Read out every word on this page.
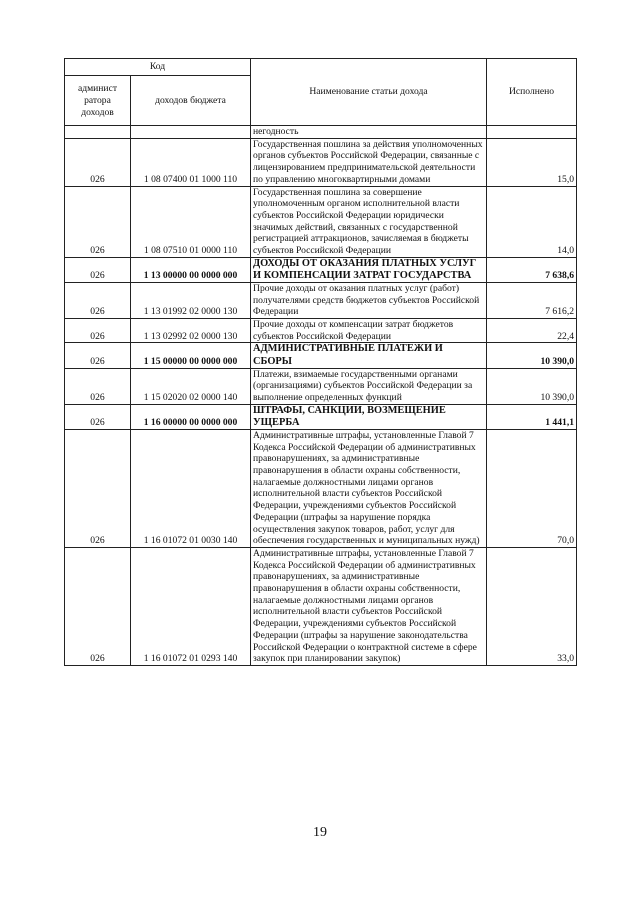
Код		Наименование статьи дохода	Исполнено
админист ратора доходов	доходов бюджета		
		негодность	
026	1 08 07400 01 1000 110	Государственная пошлина за действия уполномоченных органов субъектов Российской Федерации, связанные с лицензированием предпринимательской деятельности по управлению многоквартирными домами	15,0
026	1 08 07510 01 0000 110	Государственная пошлина за совершение уполномоченным органом исполнительной власти субъектов Российской Федерации юридически значимых действий, связанных с государственной регистрацией аттракционов, зачисляемая в бюджеты субъектов Российской Федерации	14,0
026	1 13 00000 00 0000 000	ДОХОДЫ ОТ ОКАЗАНИЯ ПЛАТНЫХ УСЛУГ И КОМПЕНСАЦИИ ЗАТРАТ ГОСУДАРСТВА	7 638,6
026	1 13 01992 02 0000 130	Прочие доходы от оказания платных услуг (работ) получателями средств бюджетов субъектов Российской Федерации	7 616,2
026	1 13 02992 02 0000 130	Прочие доходы от компенсации затрат бюджетов субъектов Российской Федерации	22,4
026	1 15 00000 00 0000 000	АДМИНИСТРАТИВНЫЕ ПЛАТЕЖИ И СБОРЫ	10 390,0
026	1 15 02020 02 0000 140	Платежи, взимаемые государственными органами (организациями) субъектов Российской Федерации за выполнение определенных функций	10 390,0
026	1 16 00000 00 0000 000	ШТРАФЫ, САНКЦИИ, ВОЗМЕЩЕНИЕ УЩЕРБА	1 441,1
026	1 16 01072 01 0030 140	Административные штрафы, установленные Главой 7 Кодекса Российской Федерации об административных правонарушениях, за административные правонарушения в области охраны собственности, налагаемые должностными лицами органов исполнительной власти субъектов Российской Федерации, учреждениями субъектов Российской Федерации (штрафы за нарушение порядка осуществления закупок товаров, работ, услуг для обеспечения государственных и муниципальных нужд)	70,0
026	1 16 01072 01 0293 140	Административные штрафы, установленные Главой 7 Кодекса Российской Федерации об административных правонарушениях, за административные правонарушения в области охраны собственности, налагаемые должностными лицами органов исполнительной власти субъектов Российской Федерации, учреждениями субъектов Российской Федерации (штрафы за нарушение законодательства Российской Федерации о контрактной системе в сфере закупок при планировании закупок)	33,0
19
